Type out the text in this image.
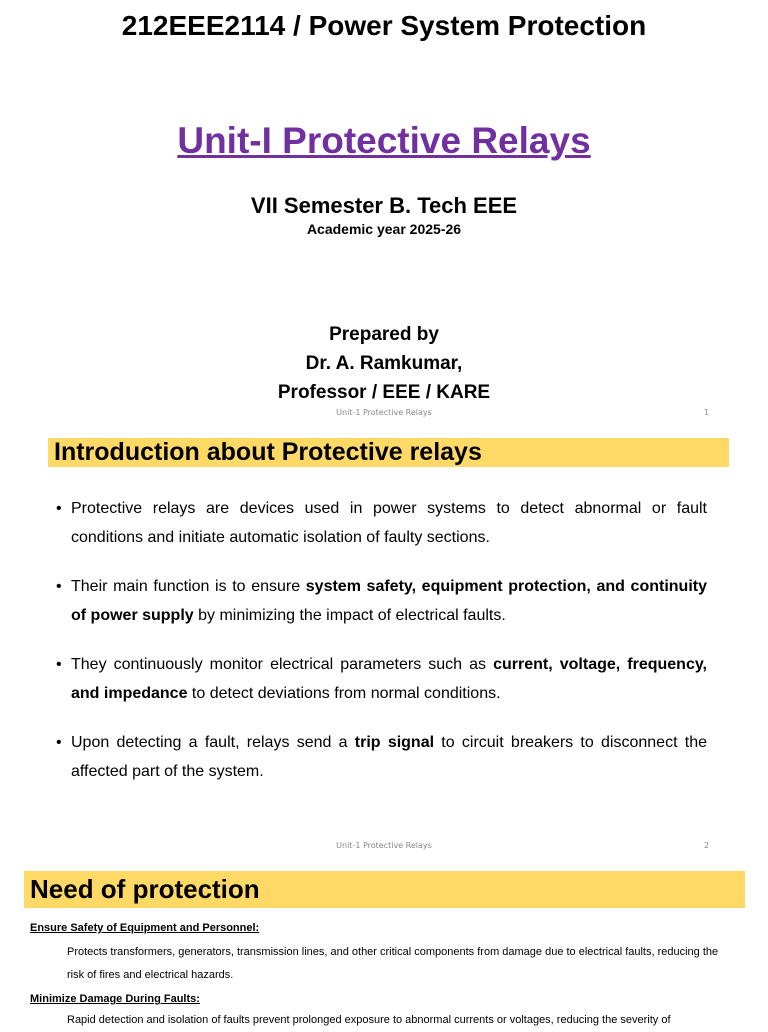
212EEE2114 / Power System Protection
Unit-I Protective Relays
VII Semester B. Tech EEE
Academic year 2025-26
Prepared by
Dr. A. Ramkumar,
Professor / EEE / KARE
Unit-1 Protective Relays	1
Introduction about Protective relays
• Protective relays are devices used in power systems to detect abnormal or fault conditions and initiate automatic isolation of faulty sections.
• Their main function is to ensure system safety, equipment protection, and continuity of power supply by minimizing the impact of electrical faults.
• They continuously monitor electrical parameters such as current, voltage, frequency, and impedance to detect deviations from normal conditions.
• Upon detecting a fault, relays send a trip signal to circuit breakers to disconnect the affected part of the system.
Unit-1 Protective Relays	2
Need of protection
Ensure Safety of Equipment and Personnel:
Protects transformers, generators, transmission lines, and other critical components from damage due to electrical faults, reducing the risk of fires and electrical hazards.
Minimize Damage During Faults:
Rapid detection and isolation of faults prevent prolonged exposure to abnormal currents or voltages, reducing the severity of
